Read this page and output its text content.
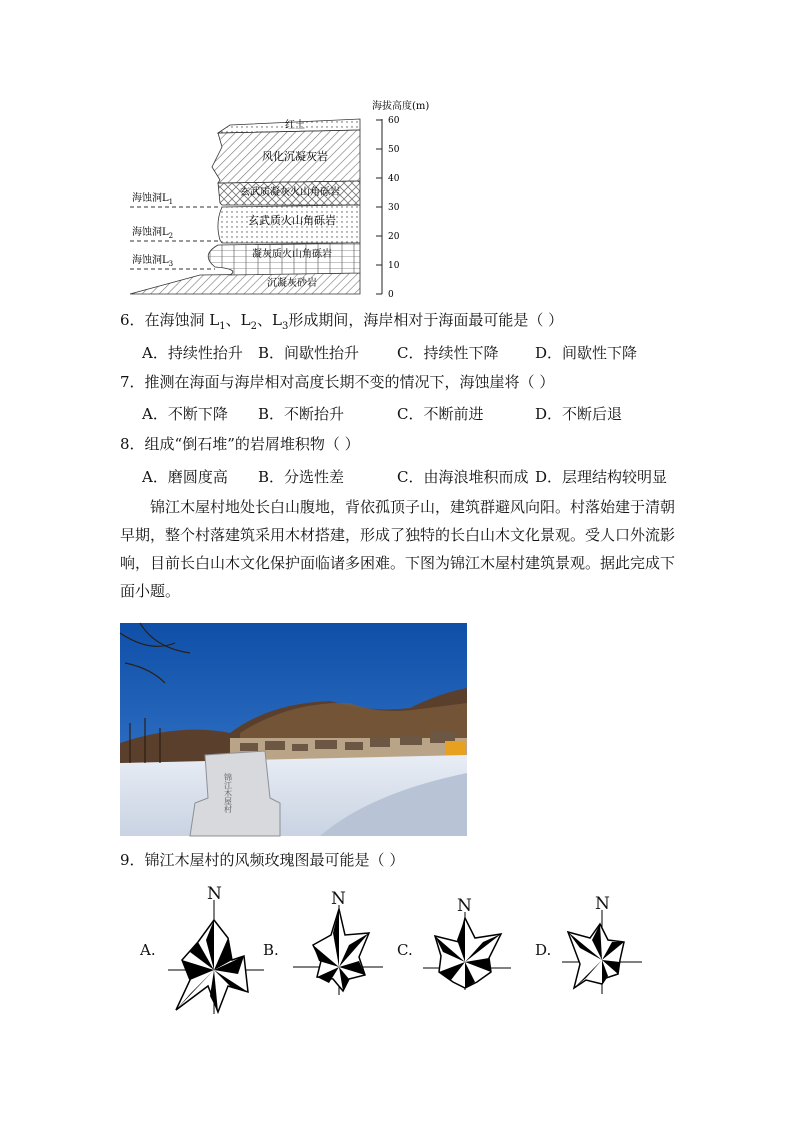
红土
风化沉凝灰岩
玄武质凝灰火山角砾岩
玄武质火山角砾岩
凝灰质火山角砾岩
沉凝灰砂岩
海蚀洞$L_1$
海蚀洞$L_2$
海蚀洞$L_3$
海拔高度(m)
60
50
40
30
20
10
0
6．在海蚀洞 $L_1$、$L_2$、$L_3$形成期间，海岸相对于海面最可能是（ ）
A．持续性抬升 B．间歇性抬升	C．持续性下降 D．间歇性下降
7．推测在海面与海岸相对高度长期不变的情况下，海蚀崖将（ ）
A．不断下降 B．不断抬升	C．不断前进	D．不断后退
8．组成“倒石堆”的岩屑堆积物（ ）
A．磨圆度高 B．分选性差	C．由海浪堆积而成 D．层理结构较明显
锦江木屋村地处长白山腹地，背依孤顶子山，建筑群避风向阳。村落始建于清朝早期，整个村落建筑采用木材搭建，形成了独特的长白山木文化景观。受人口外流影响，目前长白山木文化保护面临诸多困难。下图为锦江木屋村建筑景观。据此完成下面小题。
锦江木屋村
9．锦江木屋村的风频玫瑰图最可能是（ ）
A.	B.	C.	D.
N	N	N	N
